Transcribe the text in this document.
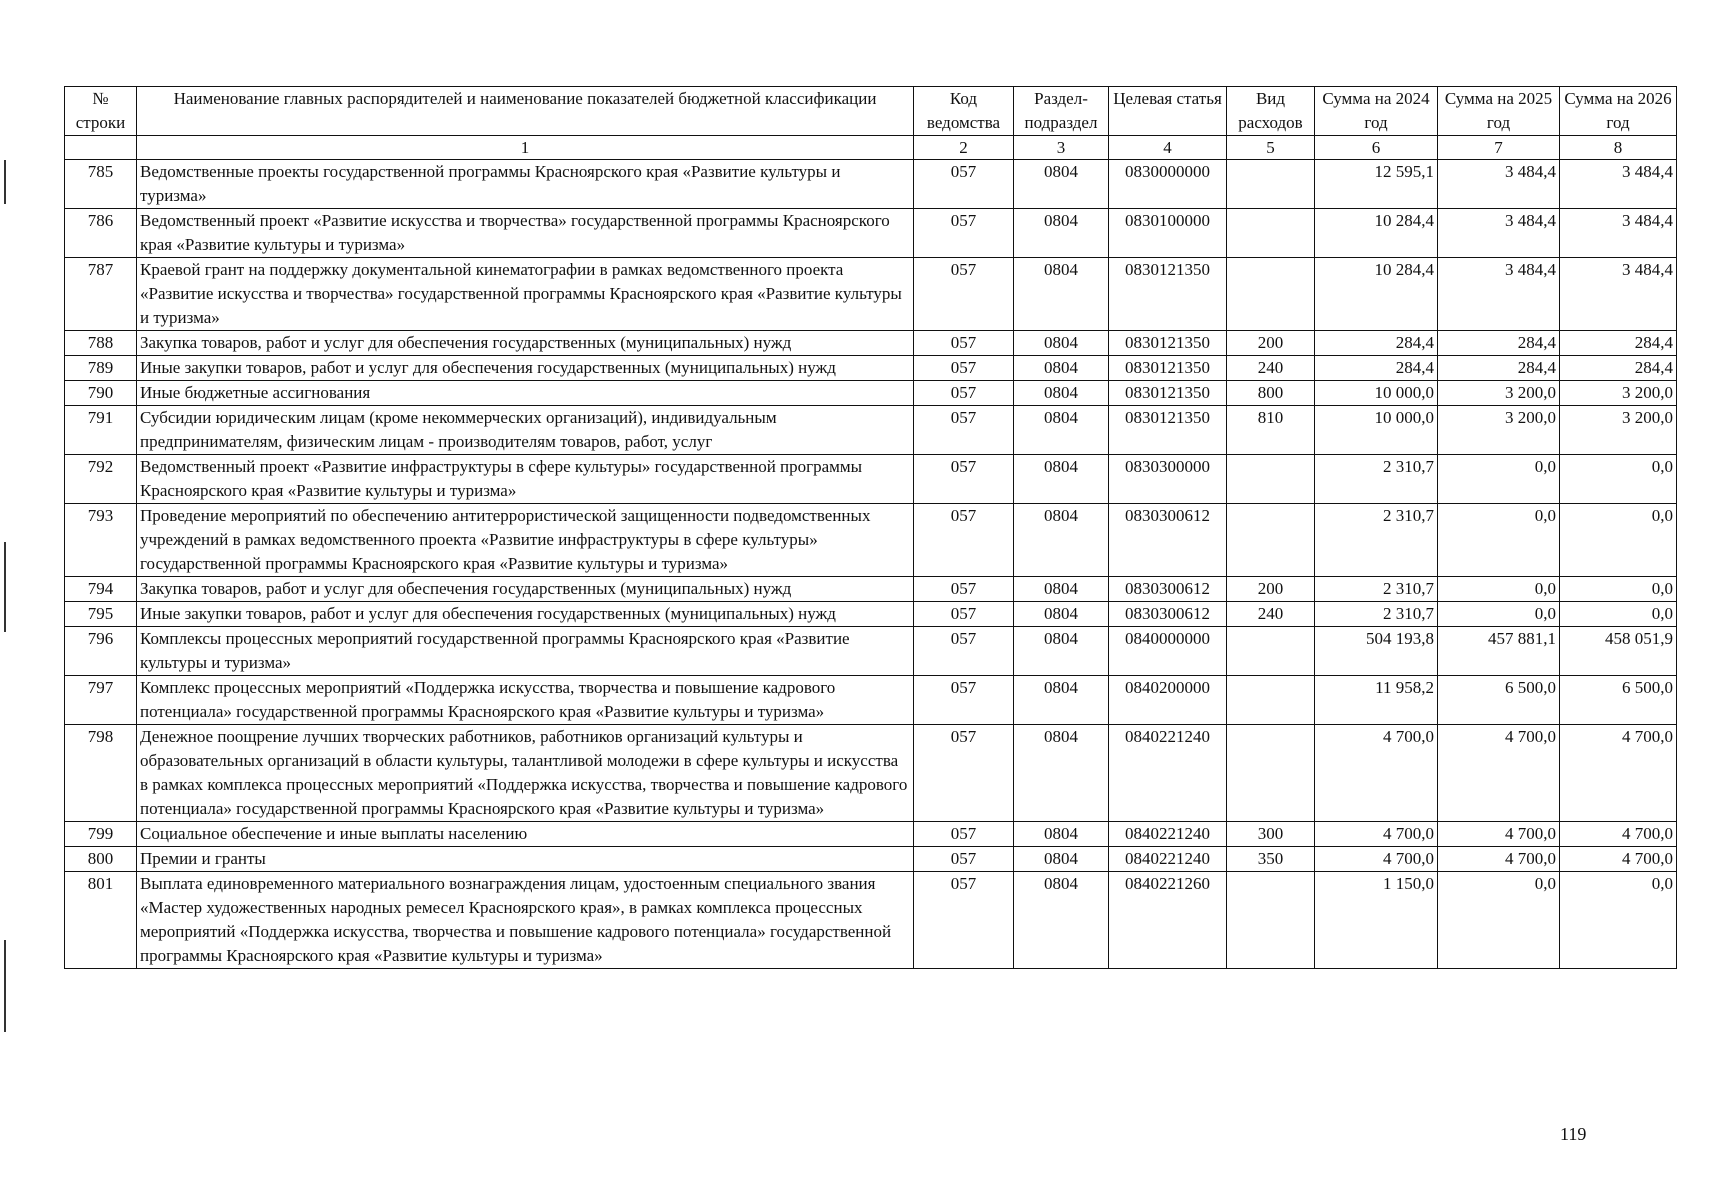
№ строки	Наименование главных распорядителей и наименование показателей бюджетной классификации	Код ведомства	Раздел-подраздел	Целевая статья	Вид расходов	Сумма на 2024 год	Сумма на 2025 год	Сумма на 2026 год
	1	2	3	4	5	6	7	8
785	Ведомственные проекты государственной программы Красноярского края «Развитие культуры и туризма»	057	0804	0830000000		12 595,1	3 484,4	3 484,4
786	Ведомственный проект «Развитие искусства и творчества» государственной программы Красноярского края «Развитие культуры и туризма»	057	0804	0830100000		10 284,4	3 484,4	3 484,4
787	Краевой грант на поддержку документальной кинематографии в рамках ведомственного проекта «Развитие искусства и творчества» государственной программы Красноярского края «Развитие культуры и туризма»	057	0804	0830121350		10 284,4	3 484,4	3 484,4
788	Закупка товаров, работ и услуг для обеспечения государственных (муниципальных) нужд	057	0804	0830121350	200	284,4	284,4	284,4
789	Иные закупки товаров, работ и услуг для обеспечения государственных (муниципальных) нужд	057	0804	0830121350	240	284,4	284,4	284,4
790	Иные бюджетные ассигнования	057	0804	0830121350	800	10 000,0	3 200,0	3 200,0
791	Субсидии юридическим лицам (кроме некоммерческих организаций), индивидуальным предпринимателям, физическим лицам - производителям товаров, работ, услуг	057	0804	0830121350	810	10 000,0	3 200,0	3 200,0
792	Ведомственный проект «Развитие инфраструктуры в сфере культуры» государственной программы Красноярского края «Развитие культуры и туризма»	057	0804	0830300000		2 310,7	0,0	0,0
793	Проведение мероприятий по обеспечению антитеррористической защищенности подведомственных учреждений в рамках ведомственного проекта «Развитие инфраструктуры в сфере культуры» государственной программы Красноярского края «Развитие культуры и туризма»	057	0804	0830300612		2 310,7	0,0	0,0
794	Закупка товаров, работ и услуг для обеспечения государственных (муниципальных) нужд	057	0804	0830300612	200	2 310,7	0,0	0,0
795	Иные закупки товаров, работ и услуг для обеспечения государственных (муниципальных) нужд	057	0804	0830300612	240	2 310,7	0,0	0,0
796	Комплексы процессных мероприятий государственной программы Красноярского края «Развитие культуры и туризма»	057	0804	0840000000		504 193,8	457 881,1	458 051,9
797	Комплекс процессных мероприятий «Поддержка искусства, творчества и повышение кадрового потенциала» государственной программы Красноярского края «Развитие культуры и туризма»	057	0804	0840200000		11 958,2	6 500,0	6 500,0
798	Денежное поощрение лучших творческих работников, работников организаций культуры и образовательных организаций в области культуры, талантливой молодежи в сфере культуры и искусства в рамках комплекса процессных мероприятий «Поддержка искусства, творчества и повышение кадрового потенциала» государственной программы Красноярского края «Развитие культуры и туризма»	057	0804	0840221240		4 700,0	4 700,0	4 700,0
799	Социальное обеспечение и иные выплаты населению	057	0804	0840221240	300	4 700,0	4 700,0	4 700,0
800	Премии и гранты	057	0804	0840221240	350	4 700,0	4 700,0	4 700,0
801	Выплата единовременного материального вознаграждения лицам, удостоенным специального звания «Мастер художественных народных ремесел Красноярского края», в рамках комплекса процессных мероприятий «Поддержка искусства, творчества и повышение кадрового потенциала» государственной программы Красноярского края «Развитие культуры и туризма»	057	0804	0840221260		1 150,0	0,0	0,0
119
